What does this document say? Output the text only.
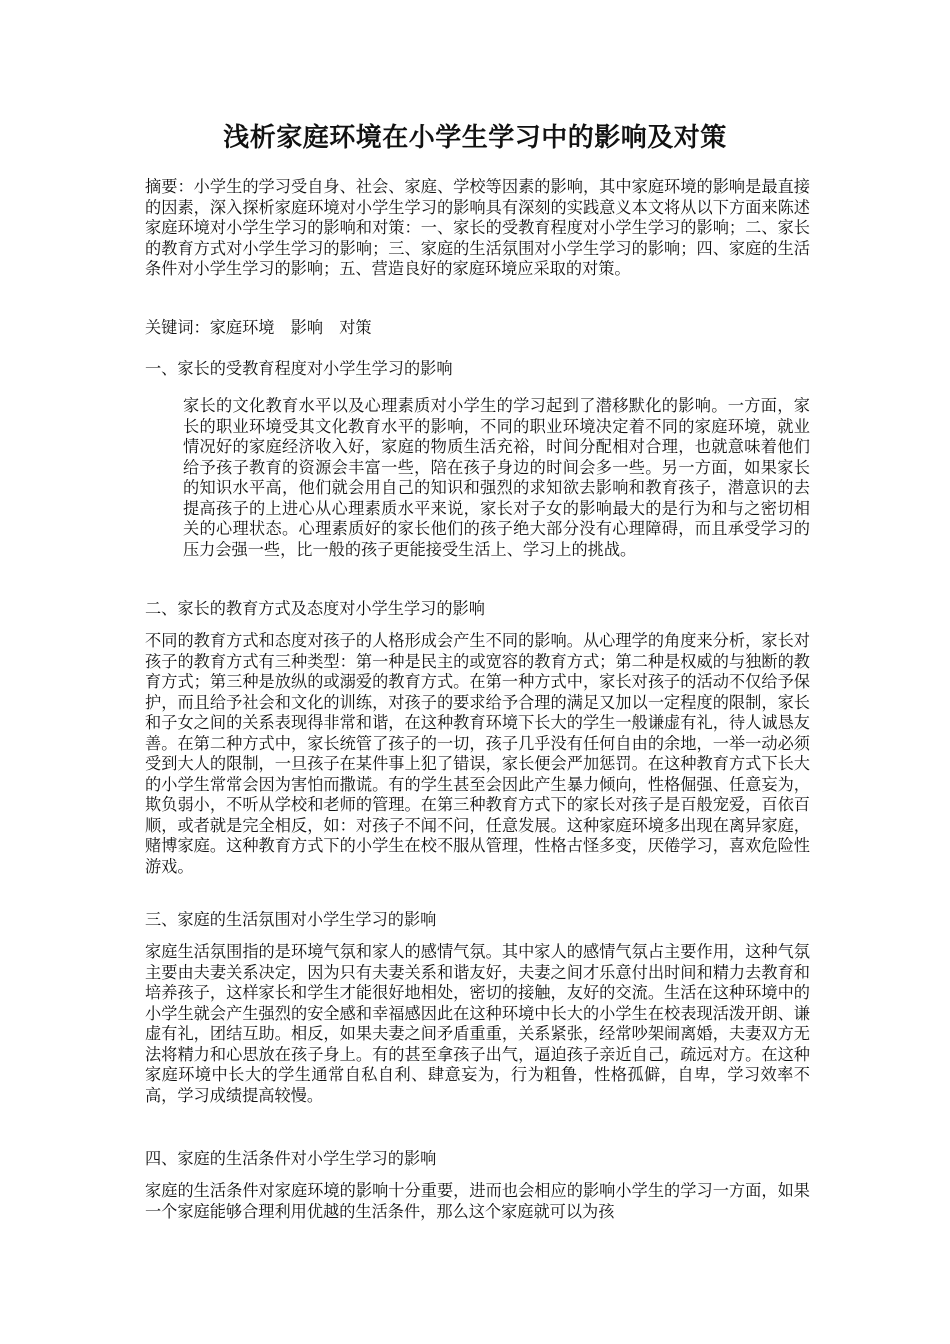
浅析家庭环境在小学生学习中的影响及对策

摘要：小学生的学习受自身、社会、家庭、学校等因素的影响，其中家庭环境的影响是最直接的因素，深入探析家庭环境对小学生学习的影响具有深刻的实践意义本文将从以下方面来陈述家庭环境对小学生学习的影响和对策：一、家长的受教育程度对小学生学习的影响；二、家长的教育方式对小学生学习的影响；三、家庭的生活氛围对小学生学习的影响；四、家庭的生活条件对小学生学习的影响；五、营造良好的家庭环境应采取的对策。

关键词：家庭环境　影响　对策

一、家长的受教育程度对小学生学习的影响

家长的文化教育水平以及心理素质对小学生的学习起到了潜移默化的影响。一方面，家长的职业环境受其文化教育水平的影响，不同的职业环境决定着不同的家庭环境，就业情况好的家庭经济收入好，家庭的物质生活充裕，时间分配相对合理，也就意味着他们给予孩子教育的资源会丰富一些，陪在孩子身边的时间会多一些。另一方面，如果家长的知识水平高，他们就会用自己的知识和强烈的求知欲去影响和教育孩子，潜意识的去提高孩子的上进心从心理素质水平来说，家长对子女的影响最大的是行为和与之密切相关的心理状态。心理素质好的家长他们的孩子绝大部分没有心理障碍，而且承受学习的压力会强一些，比一般的孩子更能接受生活上、学习上的挑战。

二、家长的教育方式及态度对小学生学习的影响

不同的教育方式和态度对孩子的人格形成会产生不同的影响。从心理学的角度来分析，家长对孩子的教育方式有三种类型：第一种是民主的或宽容的教育方式；第二种是权威的与独断的教育方式；第三种是放纵的或溺爱的教育方式。在第一种方式中，家长对孩子的活动不仅给予保护，而且给予社会和文化的训练，对孩子的要求给予合理的满足又加以一定程度的限制，家长和子女之间的关系表现得非常和谐，在这种教育环境下长大的学生一般谦虚有礼，待人诚恳友善。在第二种方式中，家长统管了孩子的一切，孩子几乎没有任何自由的余地，一举一动必须受到大人的限制，一旦孩子在某件事上犯了错误，家长便会严加惩罚。在这种教育方式下长大的小学生常常会因为害怕而撒谎。有的学生甚至会因此产生暴力倾向，性格倔强、任意妄为，欺负弱小，不听从学校和老师的管理。在第三种教育方式下的家长对孩子是百般宠爱，百依百顺，或者就是完全相反，如：对孩子不闻不问，任意发展。这种家庭环境多出现在离异家庭，赌博家庭。这种教育方式下的小学生在校不服从管理，性格古怪多变，厌倦学习，喜欢危险性游戏。

三、家庭的生活氛围对小学生学习的影响

家庭生活氛围指的是环境气氛和家人的感情气氛。其中家人的感情气氛占主要作用，这种气氛主要由夫妻关系决定，因为只有夫妻关系和谐友好，夫妻之间才乐意付出时间和精力去教育和培养孩子，这样家长和学生才能很好地相处，密切的接触，友好的交流。生活在这种环境中的小学生就会产生强烈的安全感和幸福感因此在这种环境中长大的小学生在校表现活泼开朗、谦虚有礼，团结互助。相反，如果夫妻之间矛盾重重，关系紧张，经常吵架闹离婚，夫妻双方无法将精力和心思放在孩子身上。有的甚至拿孩子出气，逼迫孩子亲近自己，疏远对方。在这种家庭环境中长大的学生通常自私自利、肆意妄为，行为粗鲁，性格孤僻，自卑，学习效率不高，学习成绩提高较慢。

四、家庭的生活条件对小学生学习的影响

家庭的生活条件对家庭环境的影响十分重要，进而也会相应的影响小学生的学习一方面，如果一个家庭能够合理利用优越的生活条件，那么这个家庭就可以为孩
